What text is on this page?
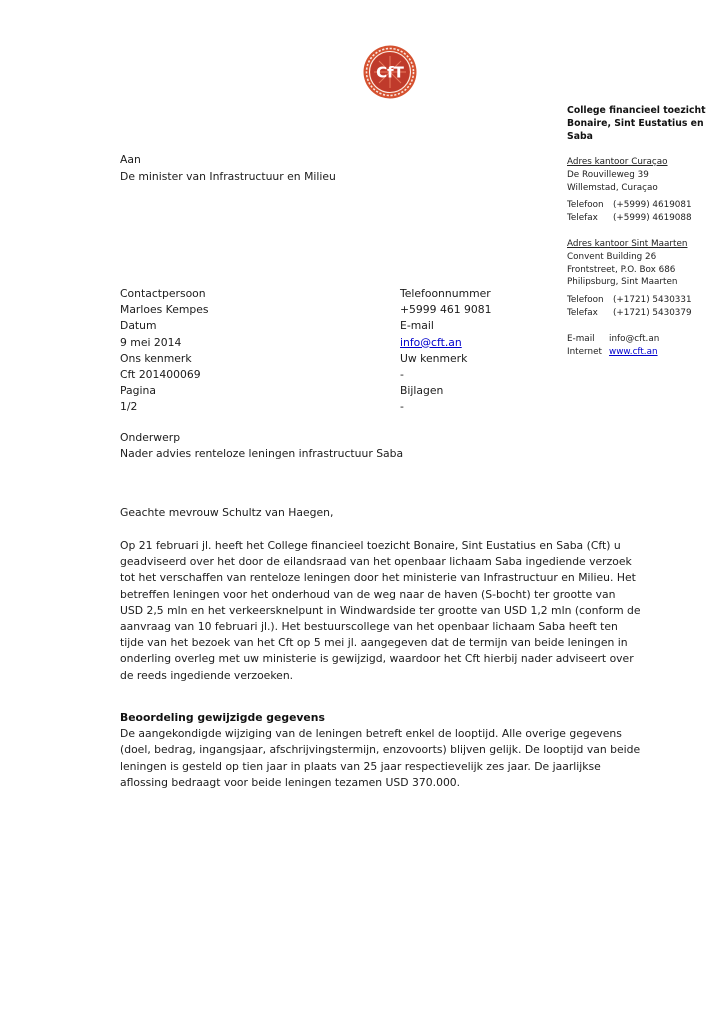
CfT
College financieel toezicht Bonaire, Sint Eustatius en Saba
Adres kantoor Curaçao
De Rouvilleweg 39
Willemstad, Curaçao
Telefoon (+5999) 4619081
Telefax (+5999) 4619088
Adres kantoor Sint Maarten
Convent Building 26
Frontstreet, P.O. Box 686
Philipsburg, Sint Maarten
Telefoon (+1721) 5430331
Telefax (+1721) 5430379
E-mail info@cft.an
Internet www.cft.an
Aan
De minister van Infrastructuur en Milieu
Contactpersoon
Marloes Kempes
Datum
9 mei 2014
Ons kenmerk
Cft 201400069
Pagina
1/2
Telefoonnummer
+5999 461 9081
E-mail
info@cft.an
Uw kenmerk
-
Bijlagen
-
Onderwerp
Nader advies renteloze leningen infrastructuur Saba
Geachte mevrouw Schultz van Haegen,

Op 21 februari jl. heeft het College financieel toezicht Bonaire, Sint Eustatius en Saba (Cft) u geadviseerd over het door de eilandsraad van het openbaar lichaam Saba ingediende verzoek tot het verschaffen van renteloze leningen door het ministerie van Infrastructuur en Milieu. Het betreffen leningen voor het onderhoud van de weg naar de haven (S-bocht) ter grootte van USD 2,5 mln en het verkeersknelpunt in Windwardside ter grootte van USD 1,2 mln (conform de aanvraag van 10 februari jl.). Het bestuurscollege van het openbaar lichaam Saba heeft ten tijde van het bezoek van het Cft op 5 mei jl. aangegeven dat de termijn van beide leningen in onderling overleg met uw ministerie is gewijzigd, waardoor het Cft hierbij nader adviseert over de reeds ingediende verzoeken.

Beoordeling gewijzigde gegevens

De aangekondigde wijziging van de leningen betreft enkel de looptijd. Alle overige gegevens (doel, bedrag, ingangsjaar, afschrijvingstermijn, enzovoorts) blijven gelijk. De looptijd van beide leningen is gesteld op tien jaar in plaats van 25 jaar respectievelijk zes jaar. De jaarlijkse aflossing bedraagt voor beide leningen tezamen USD 370.000.
